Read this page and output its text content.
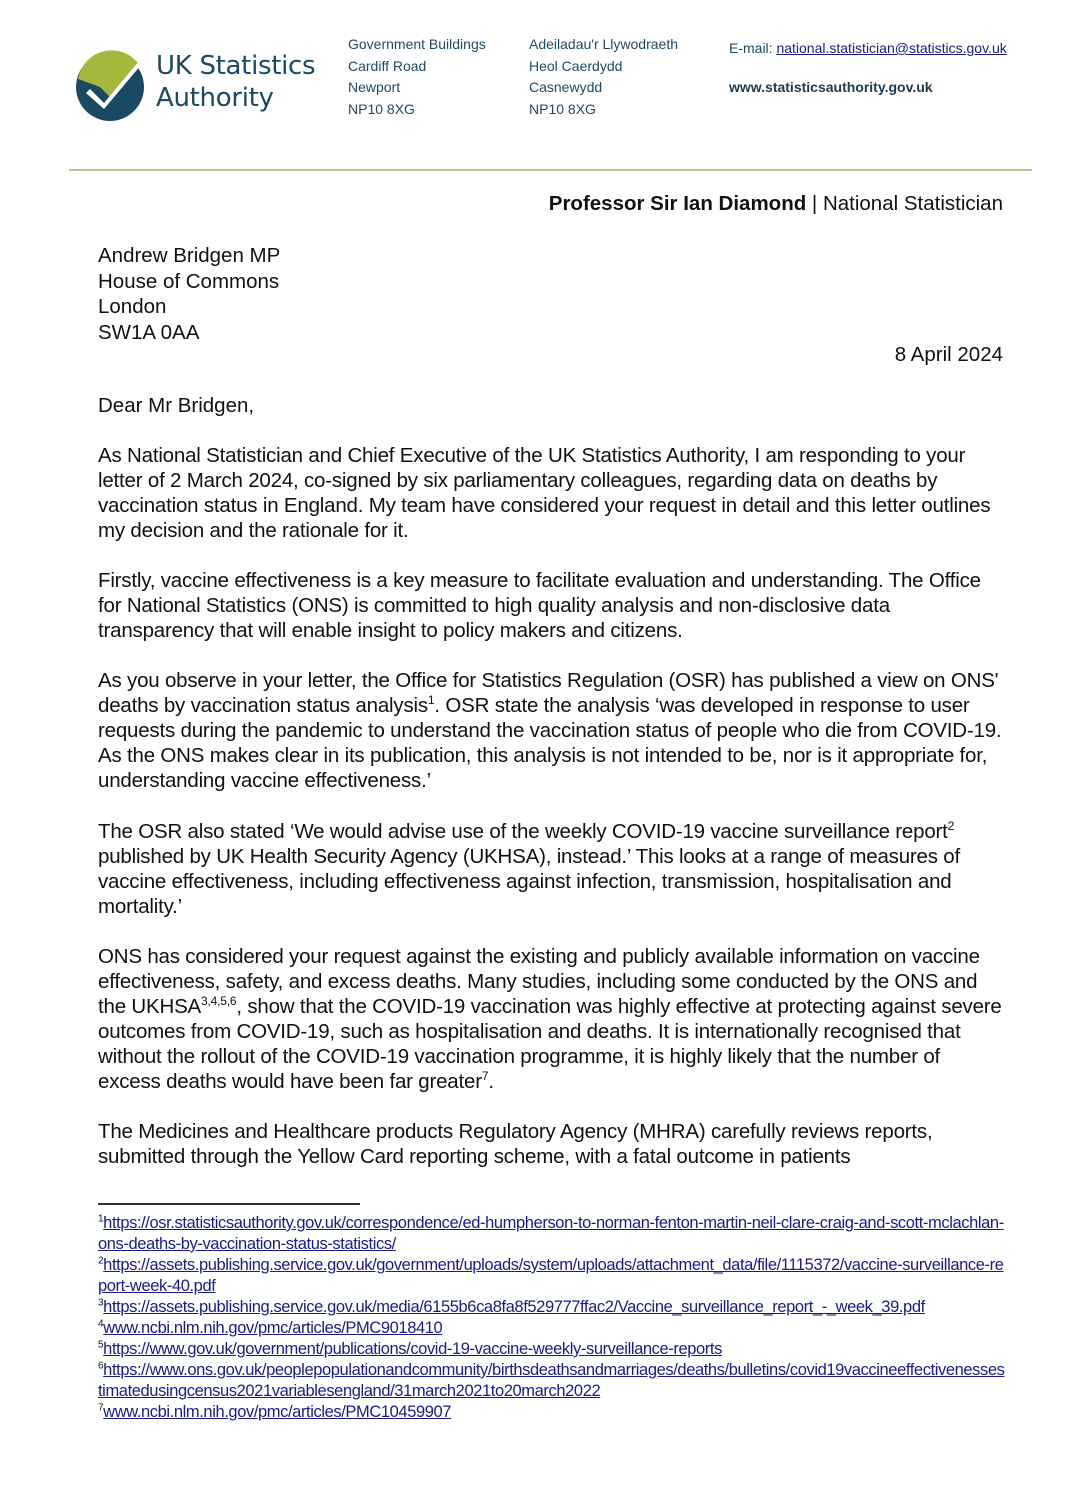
UK Statistics
Authority
Government Buildings
Cardiff Road
Newport
NP10 8XG
Adeiladau'r Llywodraeth
Heol Caerdydd
Casnewydd
NP10 8XG
E-mail: national.statistician@statistics.gov.uk
www.statisticsauthority.gov.uk
Professor Sir Ian Diamond | National Statistician
Andrew Bridgen MP
House of Commons
London
SW1A 0AA
8 April 2024
Dear Mr Bridgen,
As National Statistician and Chief Executive of the UK Statistics Authority, I am responding to your letter of 2 March 2024, co-signed by six parliamentary colleagues, regarding data on deaths by vaccination status in England. My team have considered your request in detail and this letter outlines my decision and the rationale for it.
Firstly, vaccine effectiveness is a key measure to facilitate evaluation and understanding. The Office for National Statistics (ONS) is committed to high quality analysis and non-disclosive data transparency that will enable insight to policy makers and citizens.
As you observe in your letter, the Office for Statistics Regulation (OSR) has published a view on ONS' deaths by vaccination status analysis$^1$. OSR state the analysis ‘was developed in response to user requests during the pandemic to understand the vaccination status of people who die from COVID-19. As the ONS makes clear in its publication, this analysis is not intended to be, nor is it appropriate for, understanding vaccine effectiveness.’
The OSR also stated ‘We would advise use of the weekly COVID-19 vaccine surveillance report$^2$ published by UK Health Security Agency (UKHSA), instead.’ This looks at a range of measures of vaccine effectiveness, including effectiveness against infection, transmission, hospitalisation and mortality.’
ONS has considered your request against the existing and publicly available information on vaccine effectiveness, safety, and excess deaths. Many studies, including some conducted by the ONS and the UKHSA$^{3,4,5,6}$, show that the COVID-19 vaccination was highly effective at protecting against severe outcomes from COVID-19, such as hospitalisation and deaths. It is internationally recognised that without the rollout of the COVID-19 vaccination programme, it is highly likely that the number of excess deaths would have been far greater$^7$.
The Medicines and Healthcare products Regulatory Agency (MHRA) carefully reviews reports, submitted through the Yellow Card reporting scheme, with a fatal outcome in patients
$^1$https://osr.statisticsauthority.gov.uk/correspondence/ed-humpherson-to-norman-fenton-martin-neil-clare-craig-and-scott-mclachlan-ons-deaths-by-vaccination-status-statistics/
$^2$https://assets.publishing.service.gov.uk/government/uploads/system/uploads/attachment_data/file/1115372/vaccine-surveillance-report-week-40.pdf
$^3$https://assets.publishing.service.gov.uk/media/6155b6ca8fa8f529777ffac2/Vaccine_surveillance_report_-_week_39.pdf
$^4$www.ncbi.nlm.nih.gov/pmc/articles/PMC9018410
$^5$https://www.gov.uk/government/publications/covid-19-vaccine-weekly-surveillance-reports
$^6$https://www.ons.gov.uk/peoplepopulationandcommunity/birthsdeathsandmarriages/deaths/bulletins/covid19vaccineeffectivenessestimatedusingcensus2021variablesengland/31march2021to20march2022
$^7$www.ncbi.nlm.nih.gov/pmc/articles/PMC10459907
